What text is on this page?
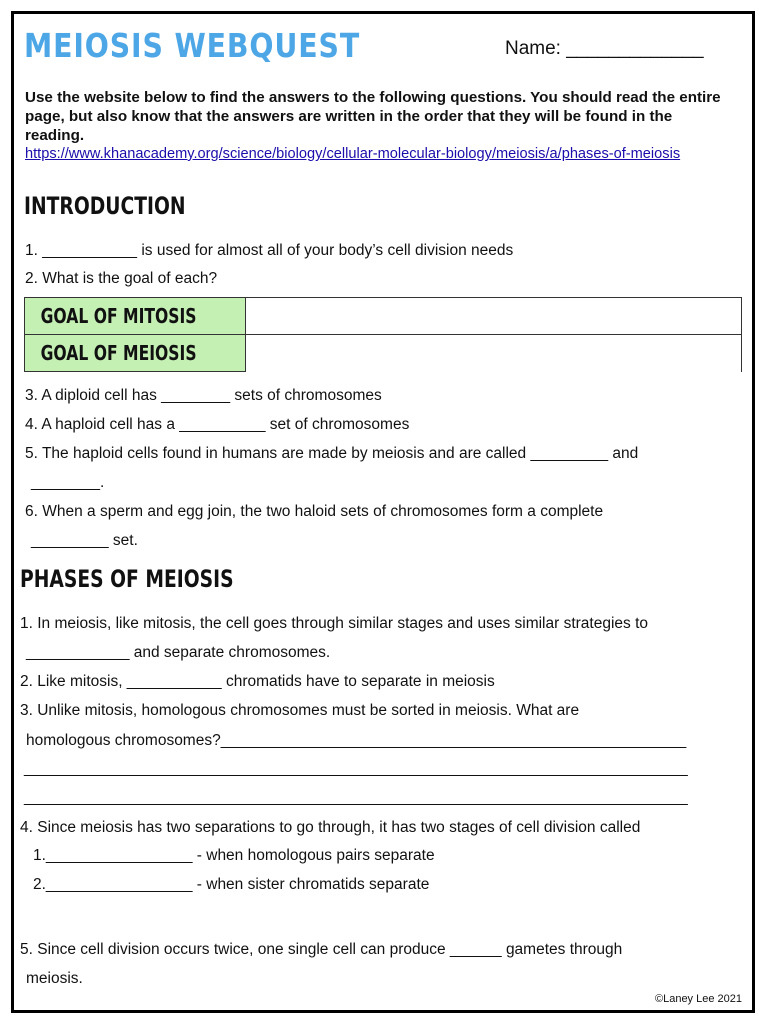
MEIOSIS WEBQUEST	Name: _____________
Use the website below to find the answers to the following questions. You should read the entire page, but also know that the answers are written in the order that they will be found in the reading.
https://www.khanacademy.org/science/biology/cellular-molecular-biology/meiosis/a/phases-of-meiosis
INTRODUCTION
1. ___________ is used for almost all of your body’s cell division needs
2. What is the goal of each?
GOAL OF MITOSIS	
GOAL OF MEIOSIS	
3. A diploid cell has ________ sets of chromosomes
4. A haploid cell has a __________ set of chromosomes
5. The haploid cells found in humans are made by meiosis and are called _________ and
________.
6. When a sperm and egg join, the two haloid sets of chromosomes form a complete
_________ set.
PHASES OF MEIOSIS
1. In meiosis, like mitosis, the cell goes through similar stages and uses similar strategies to
____________ and separate chromosomes.
2. Like mitosis, ___________ chromatids have to separate in meiosis
3. Unlike mitosis, homologous chromosomes must be sorted in meiosis. What are
homologous chromosomes?______________________________________________________
_____________________________________________________________________________
_____________________________________________________________________________
4. Since meiosis has two separations to go through, it has two stages of cell division called
1._________________ - when homologous pairs separate
2._________________ - when sister chromatids separate
5. Since cell division occurs twice, one single cell can produce ______ gametes through
meiosis.
©Laney Lee 2021
